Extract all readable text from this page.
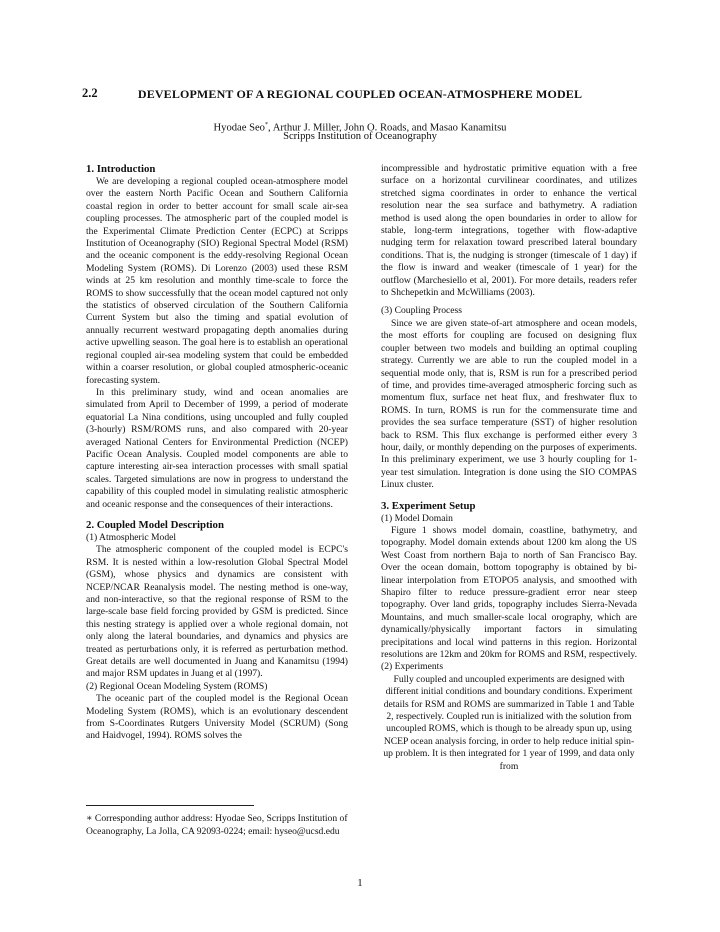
2.2	DEVELOPMENT OF A REGIONAL COUPLED OCEAN-ATMOSPHERE MODEL
Hyodae Seo*, Arthur J. Miller, John O. Roads, and Masao Kanamitsu
Scripps Institution of Oceanography

1. Introduction

We are developing a regional coupled ocean-atmosphere model over the eastern North Pacific Ocean and Southern California coastal region in order to better account for small scale air-sea coupling processes. The atmospheric part of the coupled model is the Experimental Climate Prediction Center (ECPC) at Scripps Institution of Oceanography (SIO) Regional Spectral Model (RSM) and the oceanic component is the eddy-resolving Regional Ocean Modeling System (ROMS). Di Lorenzo (2003) used these RSM winds at 25 km resolution and monthly time-scale to force the ROMS to show successfully that the ocean model captured not only the statistics of observed circulation of the Southern California Current System but also the timing and spatial evolution of annually recurrent westward propagating depth anomalies during active upwelling season. The goal here is to establish an operational regional coupled air-sea modeling system that could be embedded within a coarser resolution, or global coupled atmospheric-oceanic forecasting system.

In this preliminary study, wind and ocean anomalies are simulated from April to December of 1999, a period of moderate equatorial La Nina conditions, using uncoupled and fully coupled (3-hourly) RSM/ROMS runs, and also compared with 20-year averaged National Centers for Environmental Prediction (NCEP) Pacific Ocean Analysis. Coupled model components are able to capture interesting air-sea interaction processes with small spatial scales. Targeted simulations are now in progress to understand the capability of this coupled model in simulating realistic atmospheric and oceanic response and the consequences of their interactions.

2. Coupled Model Description

(1) Atmospheric Model

The atmospheric component of the coupled model is ECPC's RSM. It is nested within a low-resolution Global Spectral Model (GSM), whose physics and dynamics are consistent with NCEP/NCAR Reanalysis model. The nesting method is one-way, and non-interactive, so that the regional response of RSM to the large-scale base field forcing provided by GSM is predicted. Since this nesting strategy is applied over a whole regional domain, not only along the lateral boundaries, and dynamics and physics are treated as perturbations only, it is referred as perturbation method. Great details are well documented in Juang and Kanamitsu (1994) and major RSM updates in Juang et al (1997).

(2) Regional Ocean Modeling System (ROMS)

The oceanic part of the coupled model is the Regional Ocean Modeling System (ROMS), which is an evolutionary descendent from S-Coordinates Rutgers University Model (SCRUM) (Song and Haidvogel, 1994). ROMS solves the

incompressible and hydrostatic primitive equation with a free surface on a horizontal curvilinear coordinates, and utilizes stretched sigma coordinates in order to enhance the vertical resolution near the sea surface and bathymetry. A radiation method is used along the open boundaries in order to allow for stable, long-term integrations, together with flow-adaptive nudging term for relaxation toward prescribed lateral boundary conditions. That is, the nudging is stronger (timescale of 1 day) if the flow is inward and weaker (timescale of 1 year) for the outflow (Marchesiello et al, 2001). For more details, readers refer to Shchepetkin and McWilliams (2003).

(3) Coupling Process

Since we are given state-of-art atmosphere and ocean models, the most efforts for coupling are focused on designing flux coupler between two models and building an optimal coupling strategy. Currently we are able to run the coupled model in a sequential mode only, that is, RSM is run for a prescribed period of time, and provides time-averaged atmospheric forcing such as momentum flux, surface net heat flux, and freshwater flux to ROMS. In turn, ROMS is run for the commensurate time and provides the sea surface temperature (SST) of higher resolution back to RSM. This flux exchange is performed either every 3 hour, daily, or monthly depending on the purposes of experiments. In this preliminary experiment, we use 3 hourly coupling for 1-year test simulation. Integration is done using the SIO COMPAS Linux cluster.

3. Experiment Setup

(1) Model Domain

Figure 1 shows model domain, coastline, bathymetry, and topography. Model domain extends about 1200 km along the US West Coast from northern Baja to north of San Francisco Bay. Over the ocean domain, bottom topography is obtained by bi-linear interpolation from ETOPO5 analysis, and smoothed with Shapiro filter to reduce pressure-gradient error near steep topography. Over land grids, topography includes Sierra-Nevada Mountains, and much smaller-scale local orography, which are dynamically/physically important factors in simulating precipitations and local wind patterns in this region. Horizontal resolutions are 12km and 20km for ROMS and RSM, respectively.

(2) Experiments

Fully coupled and uncoupled experiments are designed with different initial conditions and boundary conditions. Experiment details for RSM and ROMS are summarized in Table 1 and Table 2, respectively. Coupled run is initialized with the solution from uncoupled ROMS, which is though to be already spun up, using NCEP ocean analysis forcing, in order to help reduce initial spin-up problem. It is then integrated for 1 year of 1999, and data only from

∗ Corresponding author address: Hyodae Seo, Scripps Institution of Oceanography, La Jolla, CA 92093-0224; email: hyseo@ucsd.edu
1
